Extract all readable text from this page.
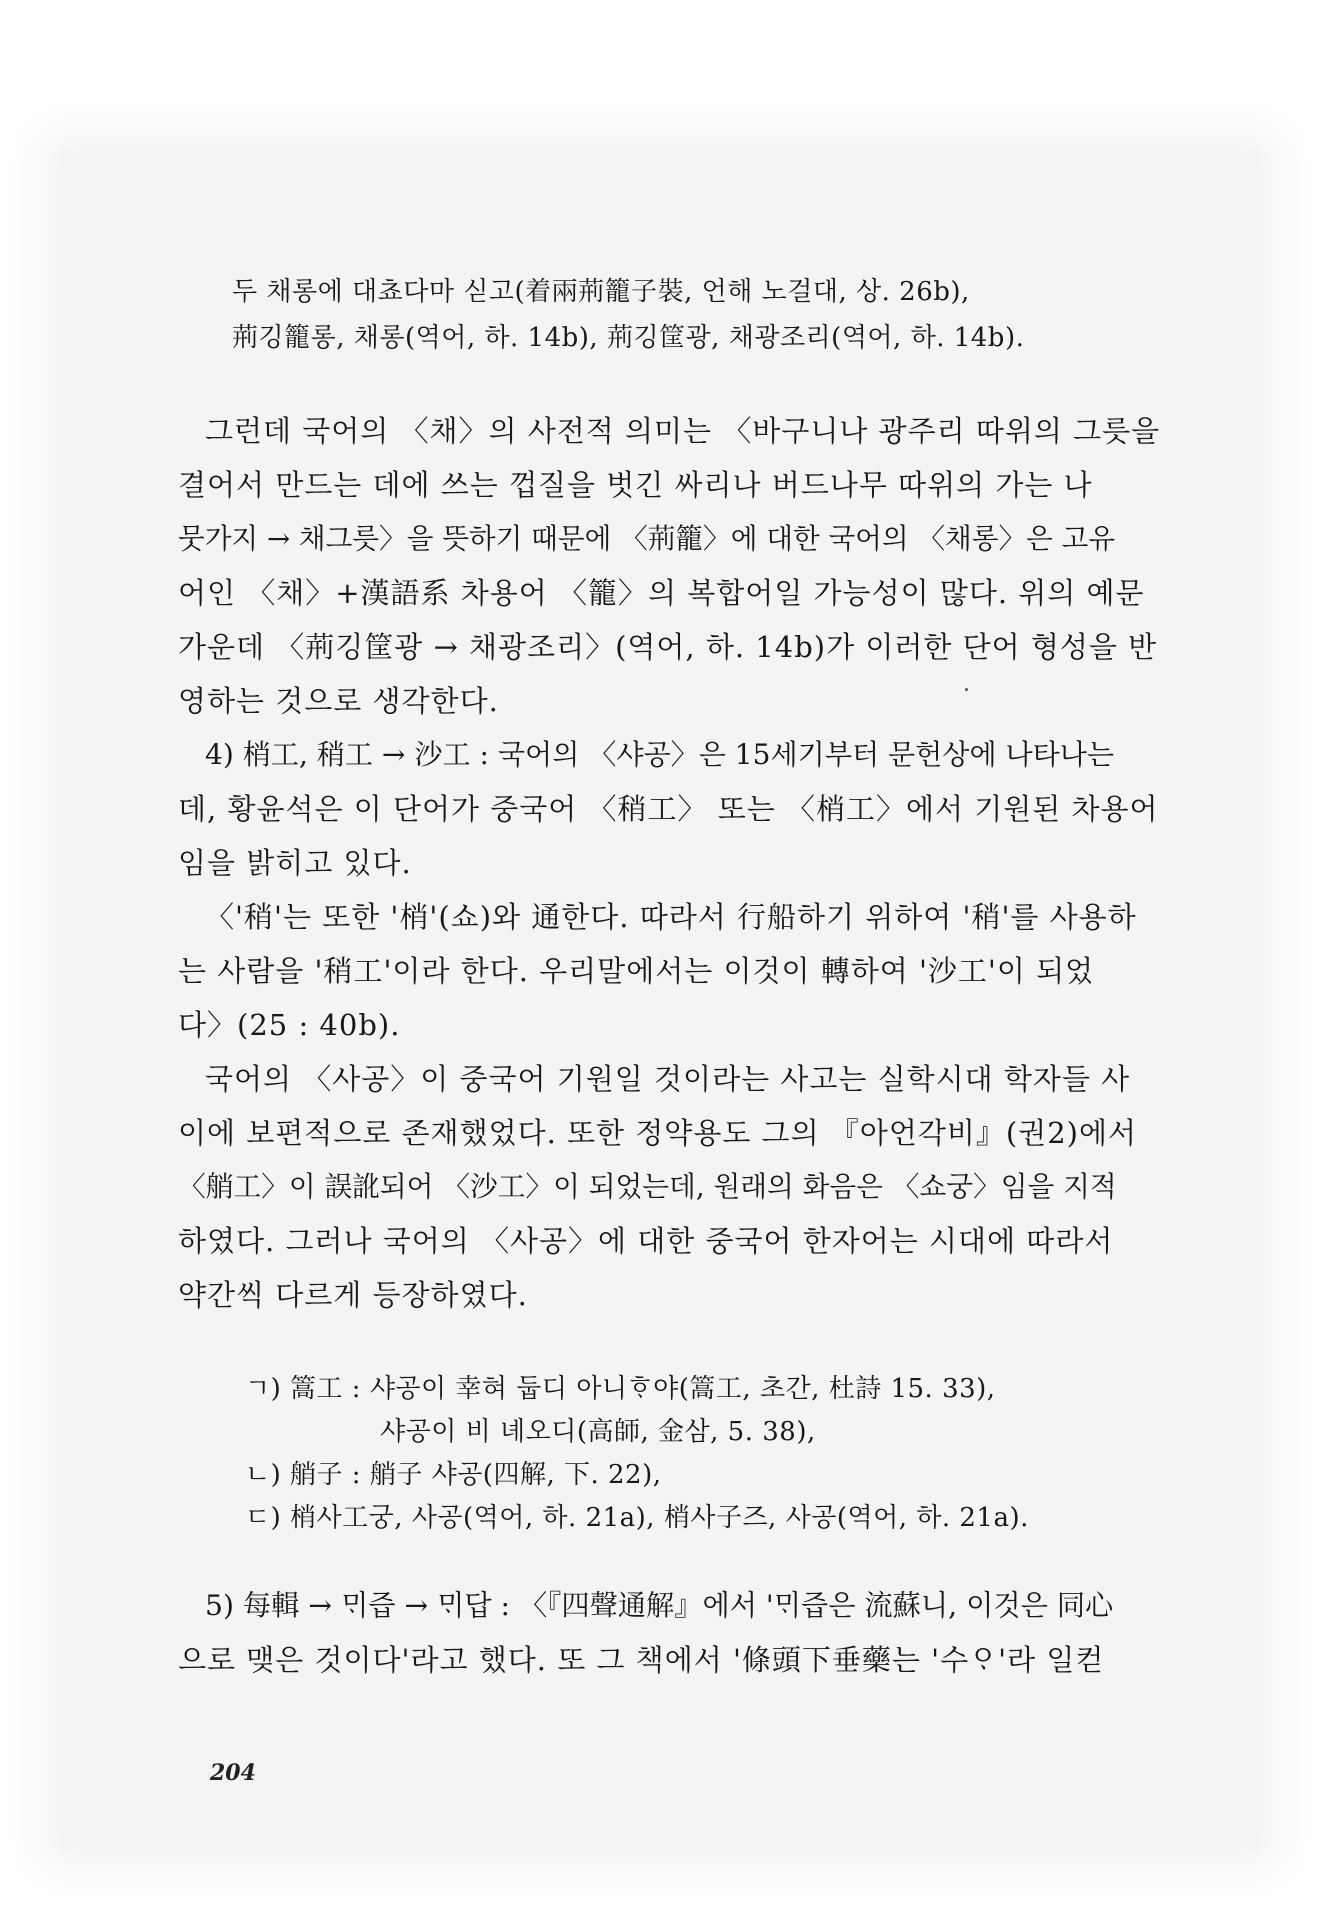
두 채롱에 대쵸다마 싣고(着兩荊籠子裝, 언해 노걸대, 상. 26b),
荊깅籠롱, 채롱(역어, 하. 14b), 荊깅筐광, 채광조리(역어, 하. 14b).
그런데 국어의 〈채〉의 사전적 의미는 〈바구니나 광주리 따위의 그릇을
결어서 만드는 데에 쓰는 껍질을 벗긴 싸리나 버드나무 따위의 가는 나
뭇가지 → 채그릇〉을 뜻하기 때문에 〈荊籠〉에 대한 국어의 〈채롱〉은 고유
어인 〈채〉+漢語系 차용어 〈籠〉의 복합어일 가능성이 많다. 위의 예문
가운데 〈荊깅筐광 → 채광조리〉(역어, 하. 14b)가 이러한 단어 형성을 반
영하는 것으로 생각한다.
4) 梢工, 稍工 → 沙工 : 국어의 〈샤공〉은 15세기부터 문헌상에 나타나는
데, 황윤석은 이 단어가 중국어 〈稍工〉 또는 〈梢工〉에서 기원된 차용어
임을 밝히고 있다.
〈'稍'는 또한 '梢'(쇼)와 通한다. 따라서 行船하기 위하여 '稍'를 사용하
는 사람을 '稍工'이라 한다. 우리말에서는 이것이 轉하여 '沙工'이 되었
다〉(25 : 40b).
국어의 〈사공〉이 중국어 기원일 것이라는 사고는 실학시대 학자들 사
이에 보편적으로 존재했었다. 또한 정약용도 그의 『아언각비』(권2)에서
〈艄工〉이 誤訛되어 〈沙工〉이 되었는데, 원래의 화음은 〈쇼궁〉임을 지적
하였다. 그러나 국어의 〈사공〉에 대한 중국어 한자어는 시대에 따라서
약간씩 다르게 등장하였다.
ㄱ) 篙工 : 샤공이 幸혀 둡디 아니ᄒᆞ야(篙工, 초간, 杜詩 15. 33),
샤공이 비 녜오디(高師, 金삼, 5. 38),
ㄴ) 艄子 : 艄子 샤공(四解, 下. 22),
ㄷ) 梢사工궁, 사공(역어, 하. 21a), 梢사子즈, 사공(역어, 하. 21a).
5) 每輯 → ᄆᆡ즙 → ᄆᆡ답 : 〈『四聲通解』에서 'ᄆᆡ즙은 流蘇니, 이것은 同心
으로 맺은 것이다'라고 했다. 또 그 책에서 '條頭下垂藥는 '수ᄋᆞ'라 일컫
204
